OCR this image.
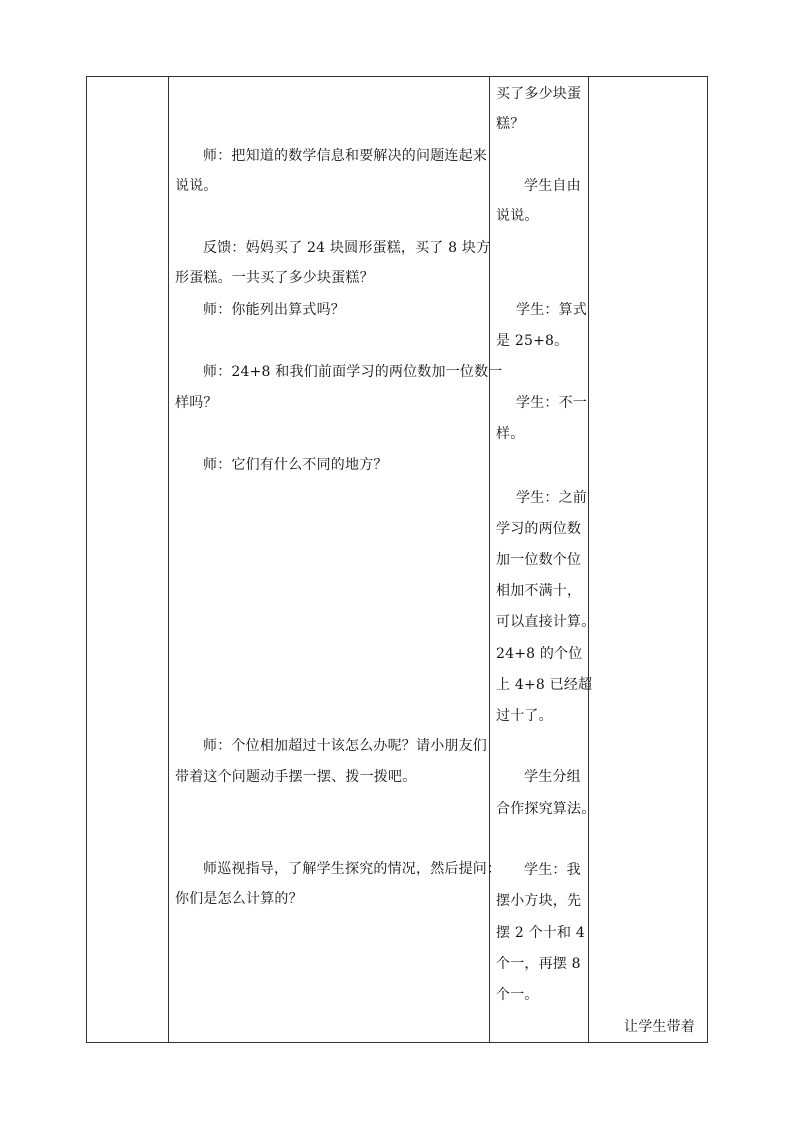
师：把知道的数学信息和要解决的问题连起来
说说。
反馈：妈妈买了 24 块圆形蛋糕，买了 8 块方
形蛋糕。一共买了多少块蛋糕？
师：你能列出算式吗？
师：24+8 和我们前面学习的两位数加一位数一
样吗？
师：它们有什么不同的地方？
师：个位相加超过十该怎么办呢？请小朋友们
带着这个问题动手摆一摆、拨一拨吧。
师巡视指导，了解学生探究的情况，然后提问：
你们是怎么计算的？
买了多少块蛋
糕？
学生自由
说说。
学生：算式
是 25+8。
学生：不一
样。
学生：之前
学习的两位数
加一位数个位
相加不满十，
可以直接计算。
24+8 的个位
上 4+8 已经超
过十了。
学生分组
合作探究算法。
学生：我
摆小方块，先
摆 2 个十和 4
个一，再摆 8
个一。
让学生带着
